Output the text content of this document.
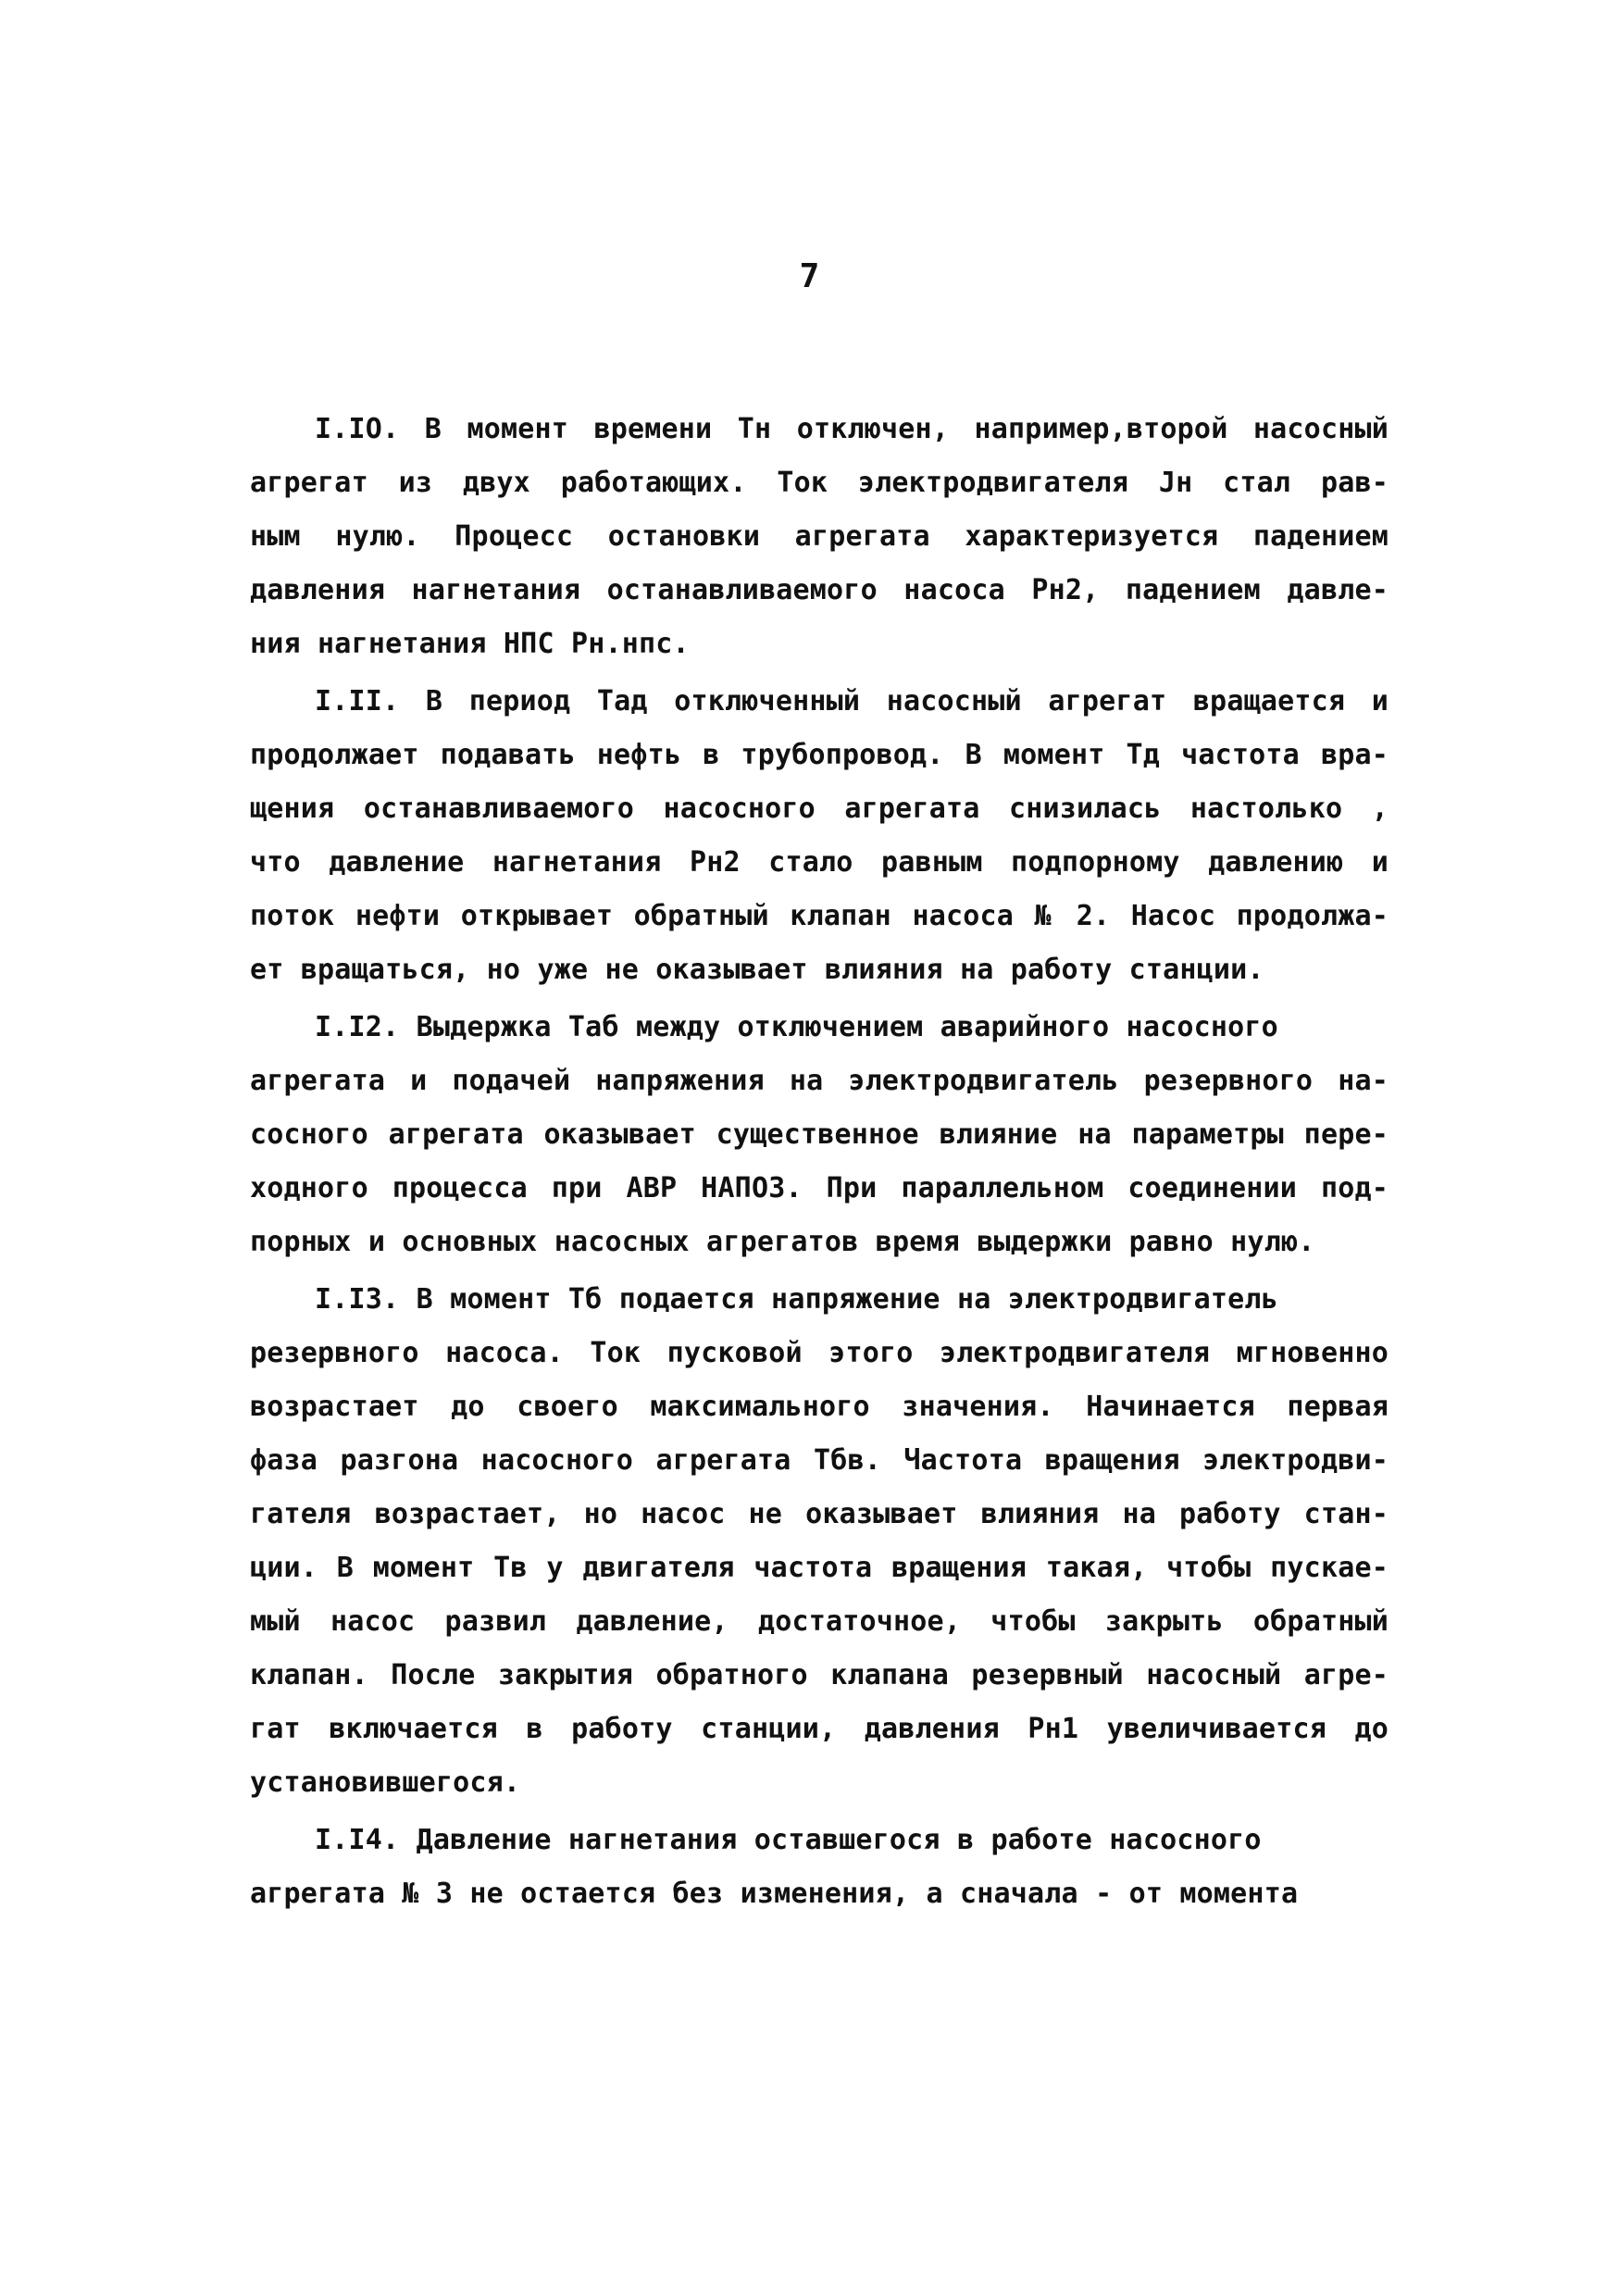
7
I.IO. В момент времени Тн отключен, например,второй насосный
агрегат из двух работающих. Ток электродвигателя Jн стал рав-
ным нулю. Процесс остановки агрегата характеризуется падением
давления нагнетания останавливаемого насоса Рн2, падением давле-
ния нагнетания НПС Рн.нпс.
I.II. В период Тад отключенный насосный агрегат вращается и
продолжает подавать нефть в трубопровод. В момент Тд частота вра-
щения останавливаемого насосного агрегата снизилась настолько ,
что давление нагнетания Рн2 стало равным подпорному давлению и
поток нефти открывает обратный клапан насоса № 2. Насос продолжа-
ет вращаться, но уже не оказывает влияния на работу станции.
I.I2. Выдержка Таб между отключением аварийного насосного
агрегата и подачей напряжения на электродвигатель резервного на-
сосного агрегата оказывает существенное влияние на параметры пере-
ходного процесса при АВР НАПОЗ. При параллельном соединении под-
порных и основных насосных агрегатов время выдержки равно нулю.
I.I3. В момент Тб подается напряжение на электродвигатель
резервного насоса. Ток пусковой этого электродвигателя мгновенно
возрастает до своего максимального значения. Начинается первая
фаза разгона насосного агрегата Тбв. Частота вращения электродви-
гателя возрастает, но насос не оказывает влияния на работу стан-
ции. В момент Тв у двигателя частота вращения такая, чтобы пускае-
мый насос развил давление, достаточное, чтобы закрыть обратный
клапан. После закрытия обратного клапана резервный насосный агре-
гат включается в работу станции, давления Рн1 увеличивается до
установившегося.
I.I4. Давление нагнетания оставшегося в работе насосного
агрегата № 3 не остается без изменения, а сначала - от момента
